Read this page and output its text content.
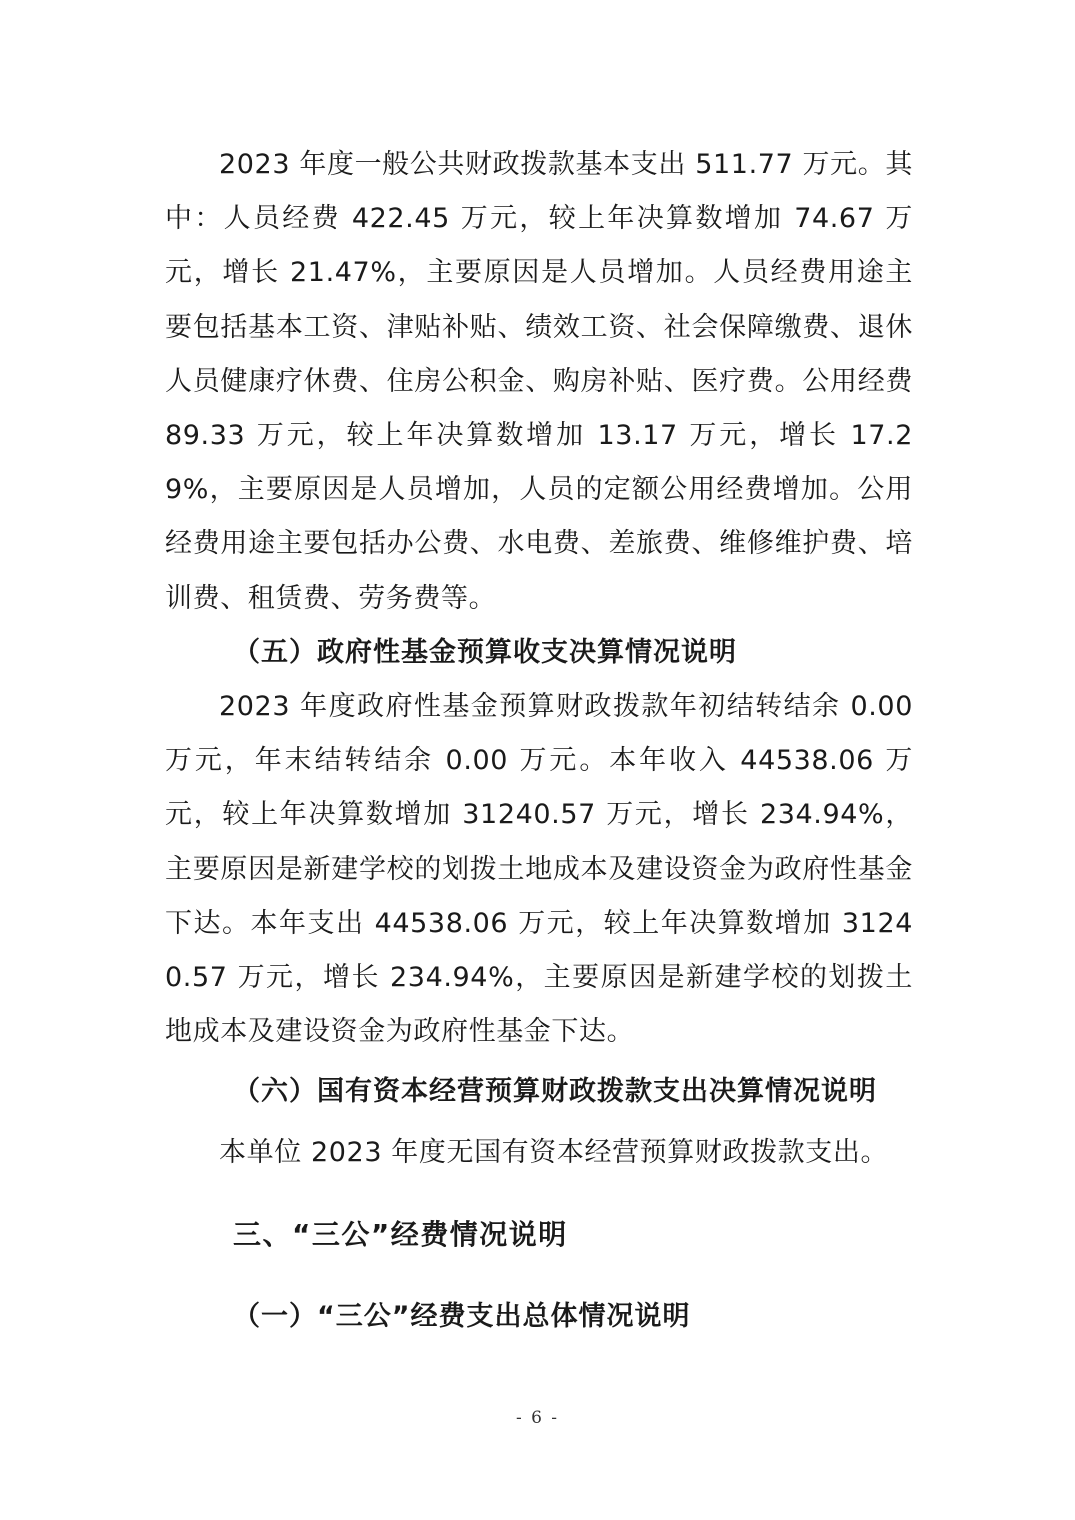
2023 年度一般公共财政拨款基本支出 511.77 万元。其中：人员经费 422.45 万元，较上年决算数增加 74.67 万元，增长 21.47%，主要原因是人员增加。人员经费用途主要包括基本工资、津贴补贴、绩效工资、社会保障缴费、退休人员健康疗休费、住房公积金、购房补贴、医疗费。公用经费 89.33 万元，较上年决算数增加 13.17 万元，增长 17.29%，主要原因是人员增加，人员的定额公用经费增加。公用经费用途主要包括办公费、水电费、差旅费、维修维护费、培训费、租赁费、劳务费等。

（五）政府性基金预算收支决算情况说明

2023 年度政府性基金预算财政拨款年初结转结余 0.00 万元，年末结转结余 0.00 万元。本年收入 44538.06 万元，较上年决算数增加 31240.57 万元，增长 234.94%，主要原因是新建学校的划拨土地成本及建设资金为政府性基金下达。本年支出 44538.06 万元，较上年决算数增加 31240.57 万元，增长 234.94%，主要原因是新建学校的划拨土地成本及建设资金为政府性基金下达。

（六）国有资本经营预算财政拨款支出决算情况说明

本单位 2023 年度无国有资本经营预算财政拨款支出。

三、“三公”经费情况说明
（一）“三公”经费支出总体情况说明
- 6 -
